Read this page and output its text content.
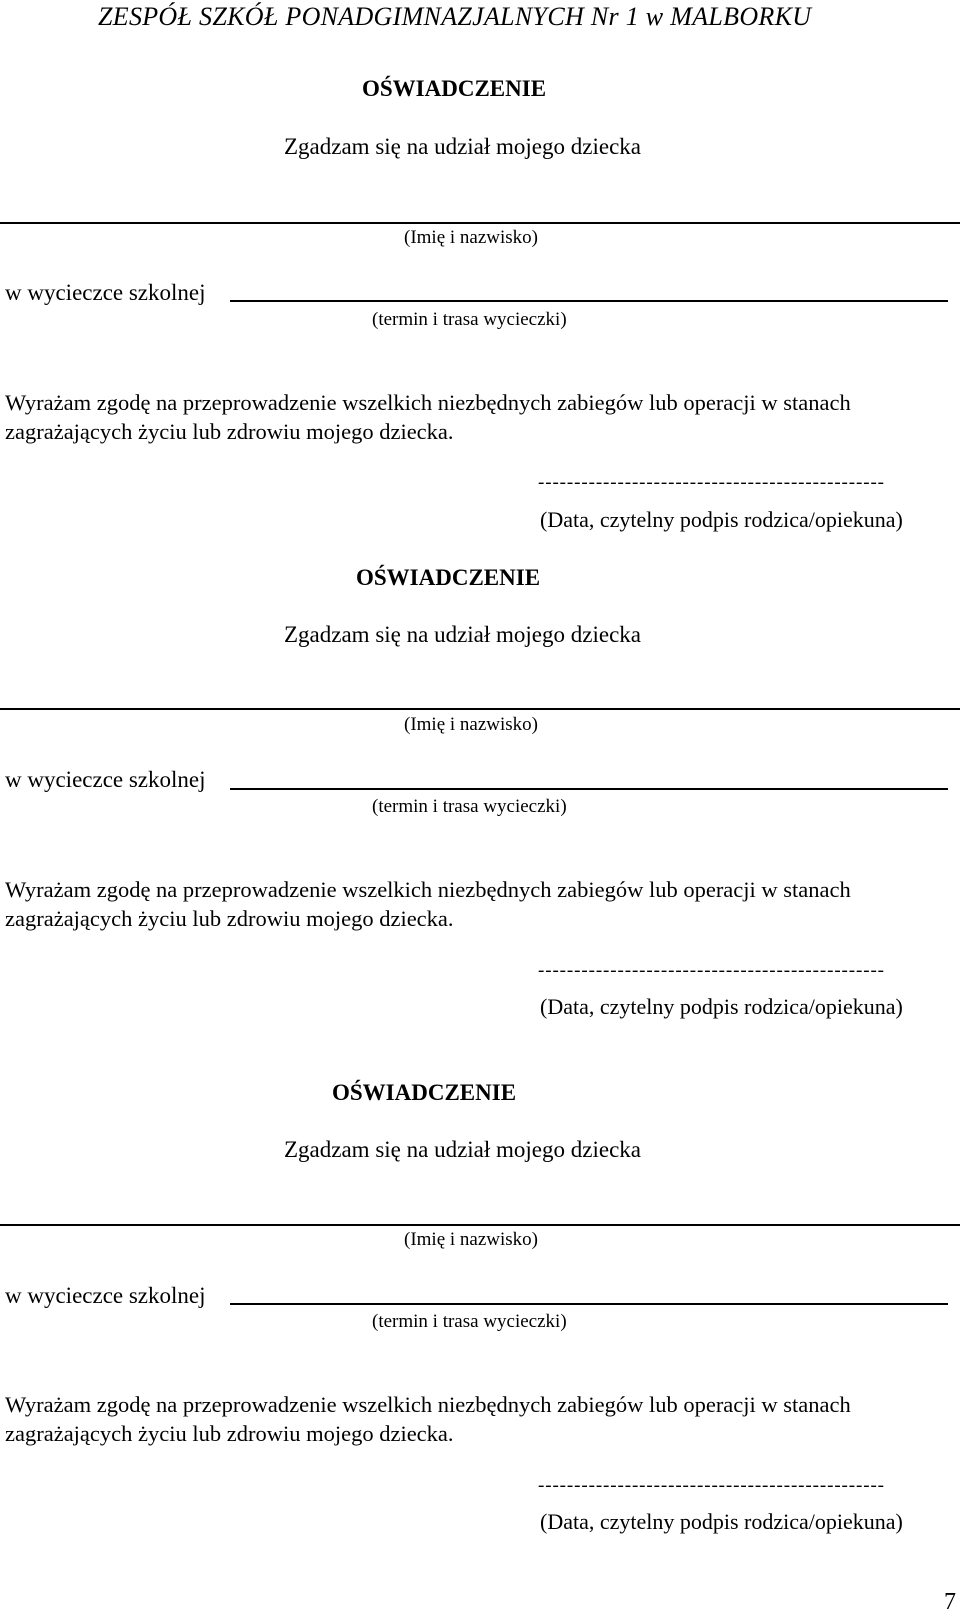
ZESPÓŁ SZKÓŁ PONADGIMNAZJALNYCH Nr 1 w MALBORKU
OŚWIADCZENIE
Zgadzam się na udział mojego dziecka
(Imię i nazwisko)
w wycieczce szkolnej
(termin i trasa wycieczki)
Wyrażam zgodę na przeprowadzenie wszelkich niezbędnych zabiegów lub operacji w stanach
zagrażających życiu lub zdrowiu mojego dziecka.
------------------------------------------------
(Data, czytelny podpis rodzica/opiekuna)
OŚWIADCZENIE
Zgadzam się na udział mojego dziecka
(Imię i nazwisko)
w wycieczce szkolnej
(termin i trasa wycieczki)
Wyrażam zgodę na przeprowadzenie wszelkich niezbędnych zabiegów lub operacji w stanach
zagrażających życiu lub zdrowiu mojego dziecka.
------------------------------------------------
(Data, czytelny podpis rodzica/opiekuna)
OŚWIADCZENIE
Zgadzam się na udział mojego dziecka
(Imię i nazwisko)
w wycieczce szkolnej
(termin i trasa wycieczki)
Wyrażam zgodę na przeprowadzenie wszelkich niezbędnych zabiegów lub operacji w stanach
zagrażających życiu lub zdrowiu mojego dziecka.
------------------------------------------------
(Data, czytelny podpis rodzica/opiekuna)
7
